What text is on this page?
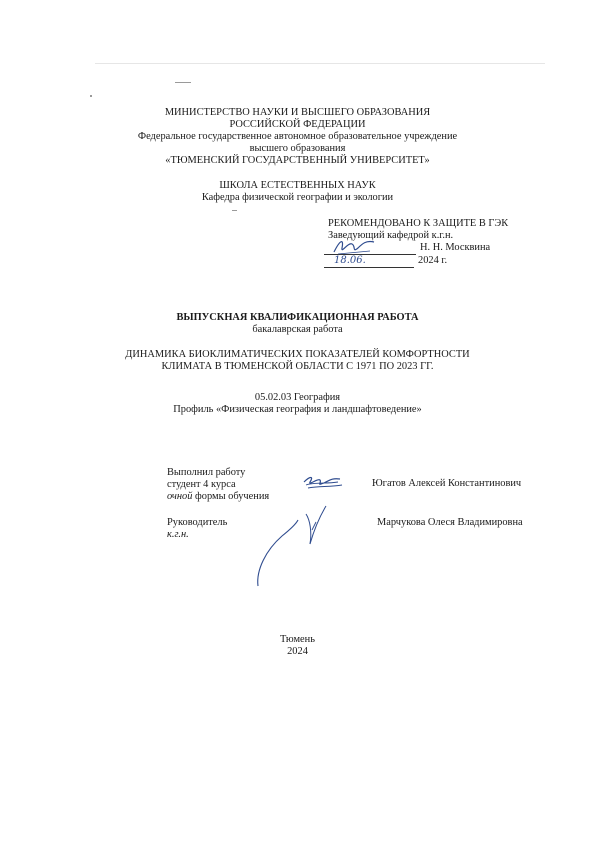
МИНИСТЕРСТВО НАУКИ И ВЫСШЕГО ОБРАЗОВАНИЯ
РОССИЙСКОЙ ФЕДЕРАЦИИ
Федеральное государственное автономное образовательное учреждение
высшего образования
«ТЮМЕНСКИЙ ГОСУДАРСТВЕННЫЙ УНИВЕРСИТЕТ»
ШКОЛА ЕСТЕСТВЕННЫХ НАУК
Кафедра физической географии и экологии
РЕКОМЕНДОВАНО К ЗАЩИТЕ В ГЭК
Заведующий кафедрой к.г.н.
Н. Н. Москвина
18.06.	2024 г.
ВЫПУСКНАЯ КВАЛИФИКАЦИОННАЯ РАБОТА
бакалаврская работа
ДИНАМИКА БИОКЛИМАТИЧЕСКИХ ПОКАЗАТЕЛЕЙ КОМФОРТНОСТИ
КЛИМАТА В ТЮМЕНСКОЙ ОБЛАСТИ С 1971 ПО 2023 ГГ.
05.02.03 География
Профиль «Физическая география и ландшафтоведение»
Выполнил работу
студент 4 курса
очной формы обучения
Югатов Алексей Константинович
Руководитель
к.г.н.
Марчукова Олеся Владимировна
Тюмень
2024
